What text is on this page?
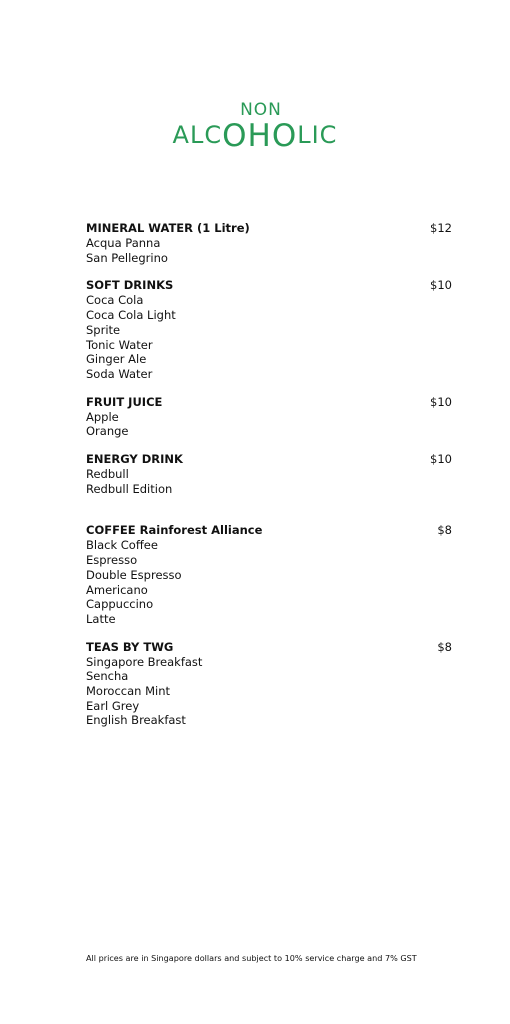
NON
ALCOHOLIC
MINERAL WATER (1 Litre)	$12
Acqua Panna
San Pellegrino
SOFT DRINKS	$10
Coca Cola
Coca Cola Light
Sprite
Tonic Water
Ginger Ale
Soda Water
FRUIT JUICE	$10
Apple
Orange
ENERGY DRINK	$10
Redbull
Redbull Edition
COFFEE Rainforest Alliance	$8
Black Coffee
Espresso
Double Espresso
Americano
Cappuccino
Latte
TEAS BY TWG	$8
Singapore Breakfast
Sencha
Moroccan Mint
Earl Grey
English Breakfast
All prices are in Singapore dollars and subject to 10% service charge and 7% GST
